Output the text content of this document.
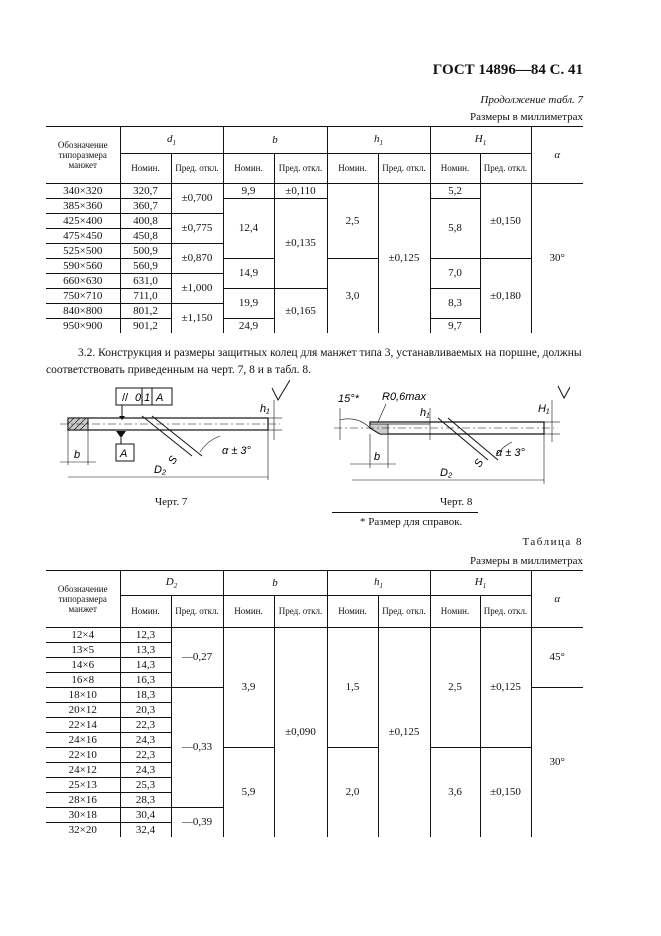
ГОСТ 14896—84 С. 41
Продолжение табл. 7
Размеры в миллиметрах
Обозначение типоразмера манжет	$d_1$		b		$h_1$		$H_1$		α
	Номин.	Пред. откл.	Номин.	Пред. откл.	Номин.	Пред. откл.	Номин.	Пред. откл.	
340×320	320,7	±0,700	9,9	±0,110	2,5	±0,125	5,2	±0,150	30°
385×360	360,7		12,4	±0,135			5,8		
425×400	400,8	±0,775							
475×450	450,8								
525×500	500,9	±0,870							
590×560	560,9		14,9		3,0		7,0	±0,180	
660×630	631,0	±1,000							
750×710	711,0		19,9	±0,165			8,3		
840×800	801,2	±1,150							
950×900	901,2		24,9				9,7		
3.2. Конструкция и размеры защитных колец для манжет типа 3, устанавливаемых на поршне, должны
соответствовать приведенным на черт. 7, 8 и в табл. 8.
// 0,1 A
A
h₁
S
α ± 3°
b
D₂
Черт. 7
15°* R0,6max
h₁	H₁
S
α ± 3°
b
D₂
Черт. 8
* Размер для справок.
Таблица 8
Размеры в миллиметрах
Обозначение типоразмера манжет	$D_2$		b		$h_1$		$H_1$		α
	Номин.	Пред. откл.	Номин.	Пред. откл.	Номин.	Пред. откл.	Номин.	Пред. откл.	
12×4	12,3	—0,27	3,9	±0,090	1,5	±0,125	2,5	±0,125	45°
13×5	13,3								
14×6	14,3								
16×8	16,3								
18×10	18,3	—0,33							30°
20×12	20,3								
22×14	22,3								
24×16	24,3								
22×10	22,3		5,9		2,0		3,6	±0,150	
24×12	24,3								
25×13	25,3								
28×16	28,3								
30×18	30,4	—0,39							
32×20	32,4								
